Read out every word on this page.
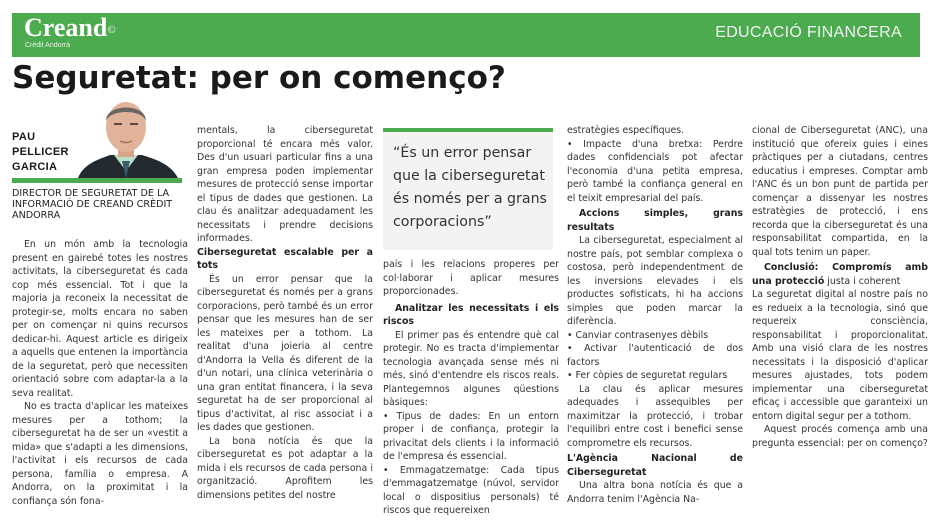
Creand©
Crèdit Andorrà
EDUCACIÓ FINANCERA
Seguretat: per on començo?
PAU
PELLICER
GARCIA
DIRECTOR DE SEGURETAT DE LA INFORMACIÓ DE CREAND CRÈDIT ANDORRA

En un món amb la tecnologia present en gairebé totes les nostres activitats, la ciberseguretat és cada cop més essencial. Tot i que la majoria ja reconeix la necessitat de protegir-se, molts encara no saben per on començar ni quins recursos dedicar-hi. Aquest article es dirigeix a aquells que entenen la importància de la seguretat, però que necessiten orientació sobre com adaptar-la a la seva realitat.

No es tracta d'aplicar les mateixes mesures per a tothom; la ciberseguretat ha de ser un «vestit a mida» que s'adapti a les dimensions, l'activitat i els recursos de cada persona, família o empresa. A Andorra, on la proximitat i la confiança són fona-

mentals, la ciberseguretat proporcional té encara més valor. Des d'un usuari particular fins a una gran empresa poden implementar mesures de protecció sense importar el tipus de dades que gestionen. La clau és analitzar adequadament les necessitats i prendre decisions informades.

Ciberseguretat escalable per a tots

És un error pensar que la ciberseguretat és només per a grans corporacions, però també és un error pensar que les mesures han de ser les mateixes per a tothom. La realitat d'una joieria al centre d'Andorra la Vella és diferent de la d'un notari, una clínica veterinària o una gran entitat financera, i la seva seguretat ha de ser proporcional al tipus d'activitat, al risc associat i a les dades que gestionen.

La bona notícia és que la ciberseguretat es pot adaptar a la mida i els recursos de cada persona i organització. Aprofitem les dimensions petites del nostre

“És un error pensar que la ciberseguretat és només per a grans corporacions”

país i les relacions properes per col·laborar i aplicar mesures proporcionades.

Analitzar les necessitats i els riscos

El primer pas és entendre què cal protegir. No es tracta d'implementar tecnologia avançada sense més ni més, sinó d'entendre els riscos reals. Plantegemnos algunes qüestions bàsiques:

• Tipus de dades: En un entorn proper i de confiança, protegir la privacitat dels clients i la informació de l'empresa és essencial.

• Emmagatzematge: Cada tipus d'emmagatzematge (núvol, servidor local o dispositius personals) té riscos que requereixen

estratègies específiques.

• Impacte d'una bretxa: Perdre dades confidencials pot afectar l'economia d'una petita empresa, però també la confiança general en el teixit empresarial del país.

Accions simples, grans resultats

La ciberseguretat, especialment al nostre país, pot semblar complexa o costosa, però independentment de les inversions elevades i els productes sofisticats, hi ha accions simples que poden marcar la diferència.

• Canviar contrasenyes dèbils

• Activar l'autenticació de dos factors

• Fer còpies de seguretat regulars

La clau és aplicar mesures adequades i assequibles per maximitzar la protecció, i trobar l'equilibri entre cost i benefici sense comprometre els recursos.

L'Agència Nacional de Ciberseguretat

Una altra bona notícia és que a Andorra tenim l'Agència Na-

cional de Ciberseguretat (ANC), una institució que ofereix guies i eines pràctiques per a ciutadans, centres educatius i empreses. Comptar amb l'ANC és un bon punt de partida per començar a dissenyar les nostres estratègies de protecció, i ens recorda que la ciberseguretat és una responsabilitat compartida, en la qual tots tenim un paper.

Conclusió: Compromís amb una protecció justa i coherent

La seguretat digital al nostre país no es redueix a la tecnologia, sinó que requereix consciència, responsabilitat i proporcionalitat. Amb una visió clara de les nostres necessitats i la disposició d'aplicar mesures ajustades, tots podem implementar una ciberseguretat eficaç i accessible que garanteixi un entorn digital segur per a tothom.

Aquest procés comença amb una pregunta essencial: per on començo?
